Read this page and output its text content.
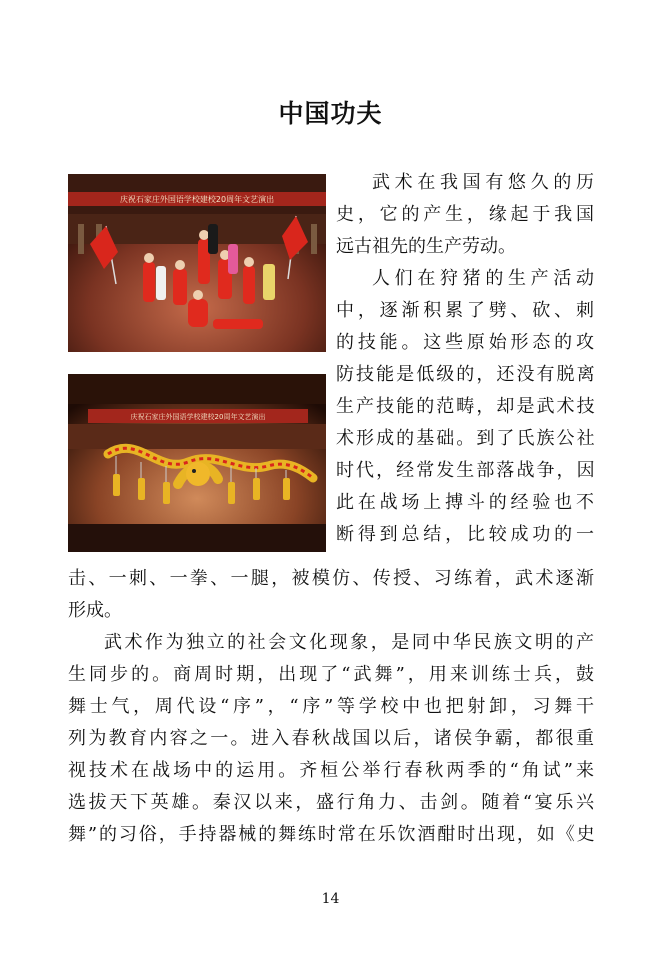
中国功夫
庆祝石家庄外国语学校建校20周年文艺演出
庆祝石家庄外国语学校建校20周年文艺演出
武术在我国有悠久的历
史，它的产生，缘起于我国
远古祖先的生产劳动。
人们在狩猪的生产活动
中，逐渐积累了劈、砍、刺
的技能。这些原始形态的攻
防技能是低级的，还没有脱离
生产技能的范畴，却是武术技
术形成的基础。到了氏族公社
时代，经常发生部落战争，因
此在战场上搏斗的经验也不
断得到总结，比较成功的一
击、一刺、一拳、一腿，被模仿、传授、习练着，武术逐渐
形成。
武术作为独立的社会文化现象，是同中华民族文明的产
生同步的。商周时期，出现了“武舞”，用来训练士兵，鼓
舞士气，周代设“序”，“序”等学校中也把射卸，习舞干
列为教育内容之一。进入春秋战国以后，诸侯争霸，都很重
视技术在战场中的运用。齐桓公举行春秋两季的“角试”来
选拔天下英雄。秦汉以来，盛行角力、击剑。随着“宴乐兴
舞”的习俗，手持器械的舞练时常在乐饮酒酣时出现，如《史
14
